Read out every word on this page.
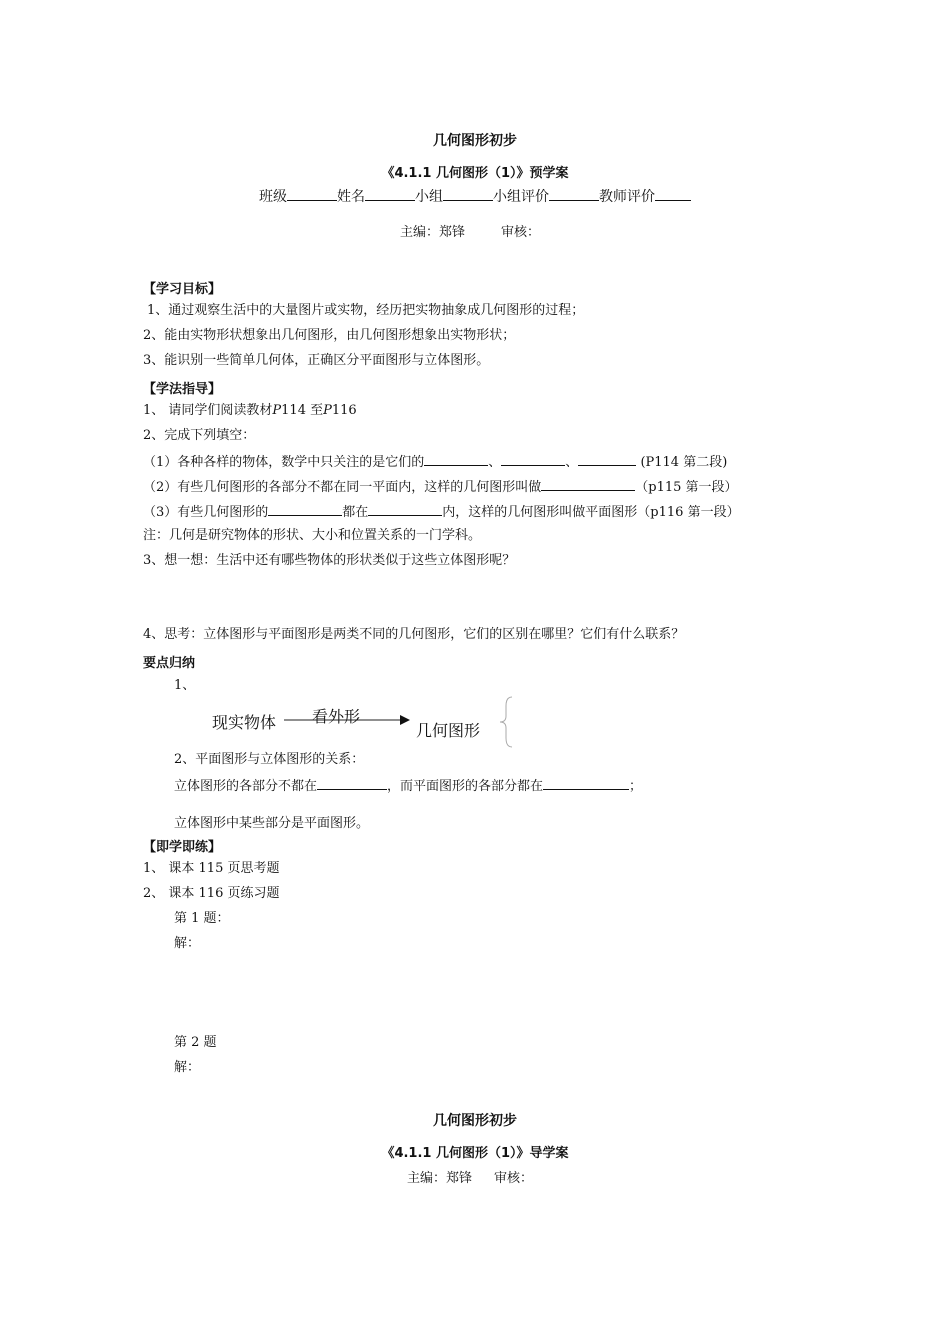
几何图形初步
《4.1.1 几何图形（1）》预学案
班级	姓名	小组	小组评价	教师评价
主编：郑锋	审核：
【学习目标】
1、通过观察生活中的大量图片或实物，经历把实物抽象成几何图形的过程；
2、能由实物形状想象出几何图形，由几何图形想象出实物形状；
3、能识别一些简单几何体，正确区分平面图形与立体图形。
【学法指导】
1、 请同学们阅读教材P114 至P116
2、完成下列填空：
（1）各种各样的物体，数学中只关注的是它们的	、	、	(P114 第二段)
（2）有些几何图形的各部分不都在同一平面内，这样的几何图形叫做	（p115 第一段）
（3）有些几何图形的	都在	内，这样的几何图形叫做平面图形（p116 第一段）
注：几何是研究物体的形状、大小和位置关系的一门学科。
3、想一想：生活中还有哪些物体的形状类似于这些立体图形呢？
4、思考：立体图形与平面图形是两类不同的几何图形，它们的区别在哪里？它们有什么联系？
要点归纳
1、
现实物体 看外形
几何图形
2、平面图形与立体图形的关系：
立体图形的各部分不都在	，而平面图形的各部分都在	；
立体图形中某些部分是平面图形。
【即学即练】
1、 课本 115 页思考题
2、 课本 116 页练习题
第 1 题：
解：
第 2 题
解：
几何图形初步
《4.1.1 几何图形（1）》导学案
主编：郑锋 审核：
